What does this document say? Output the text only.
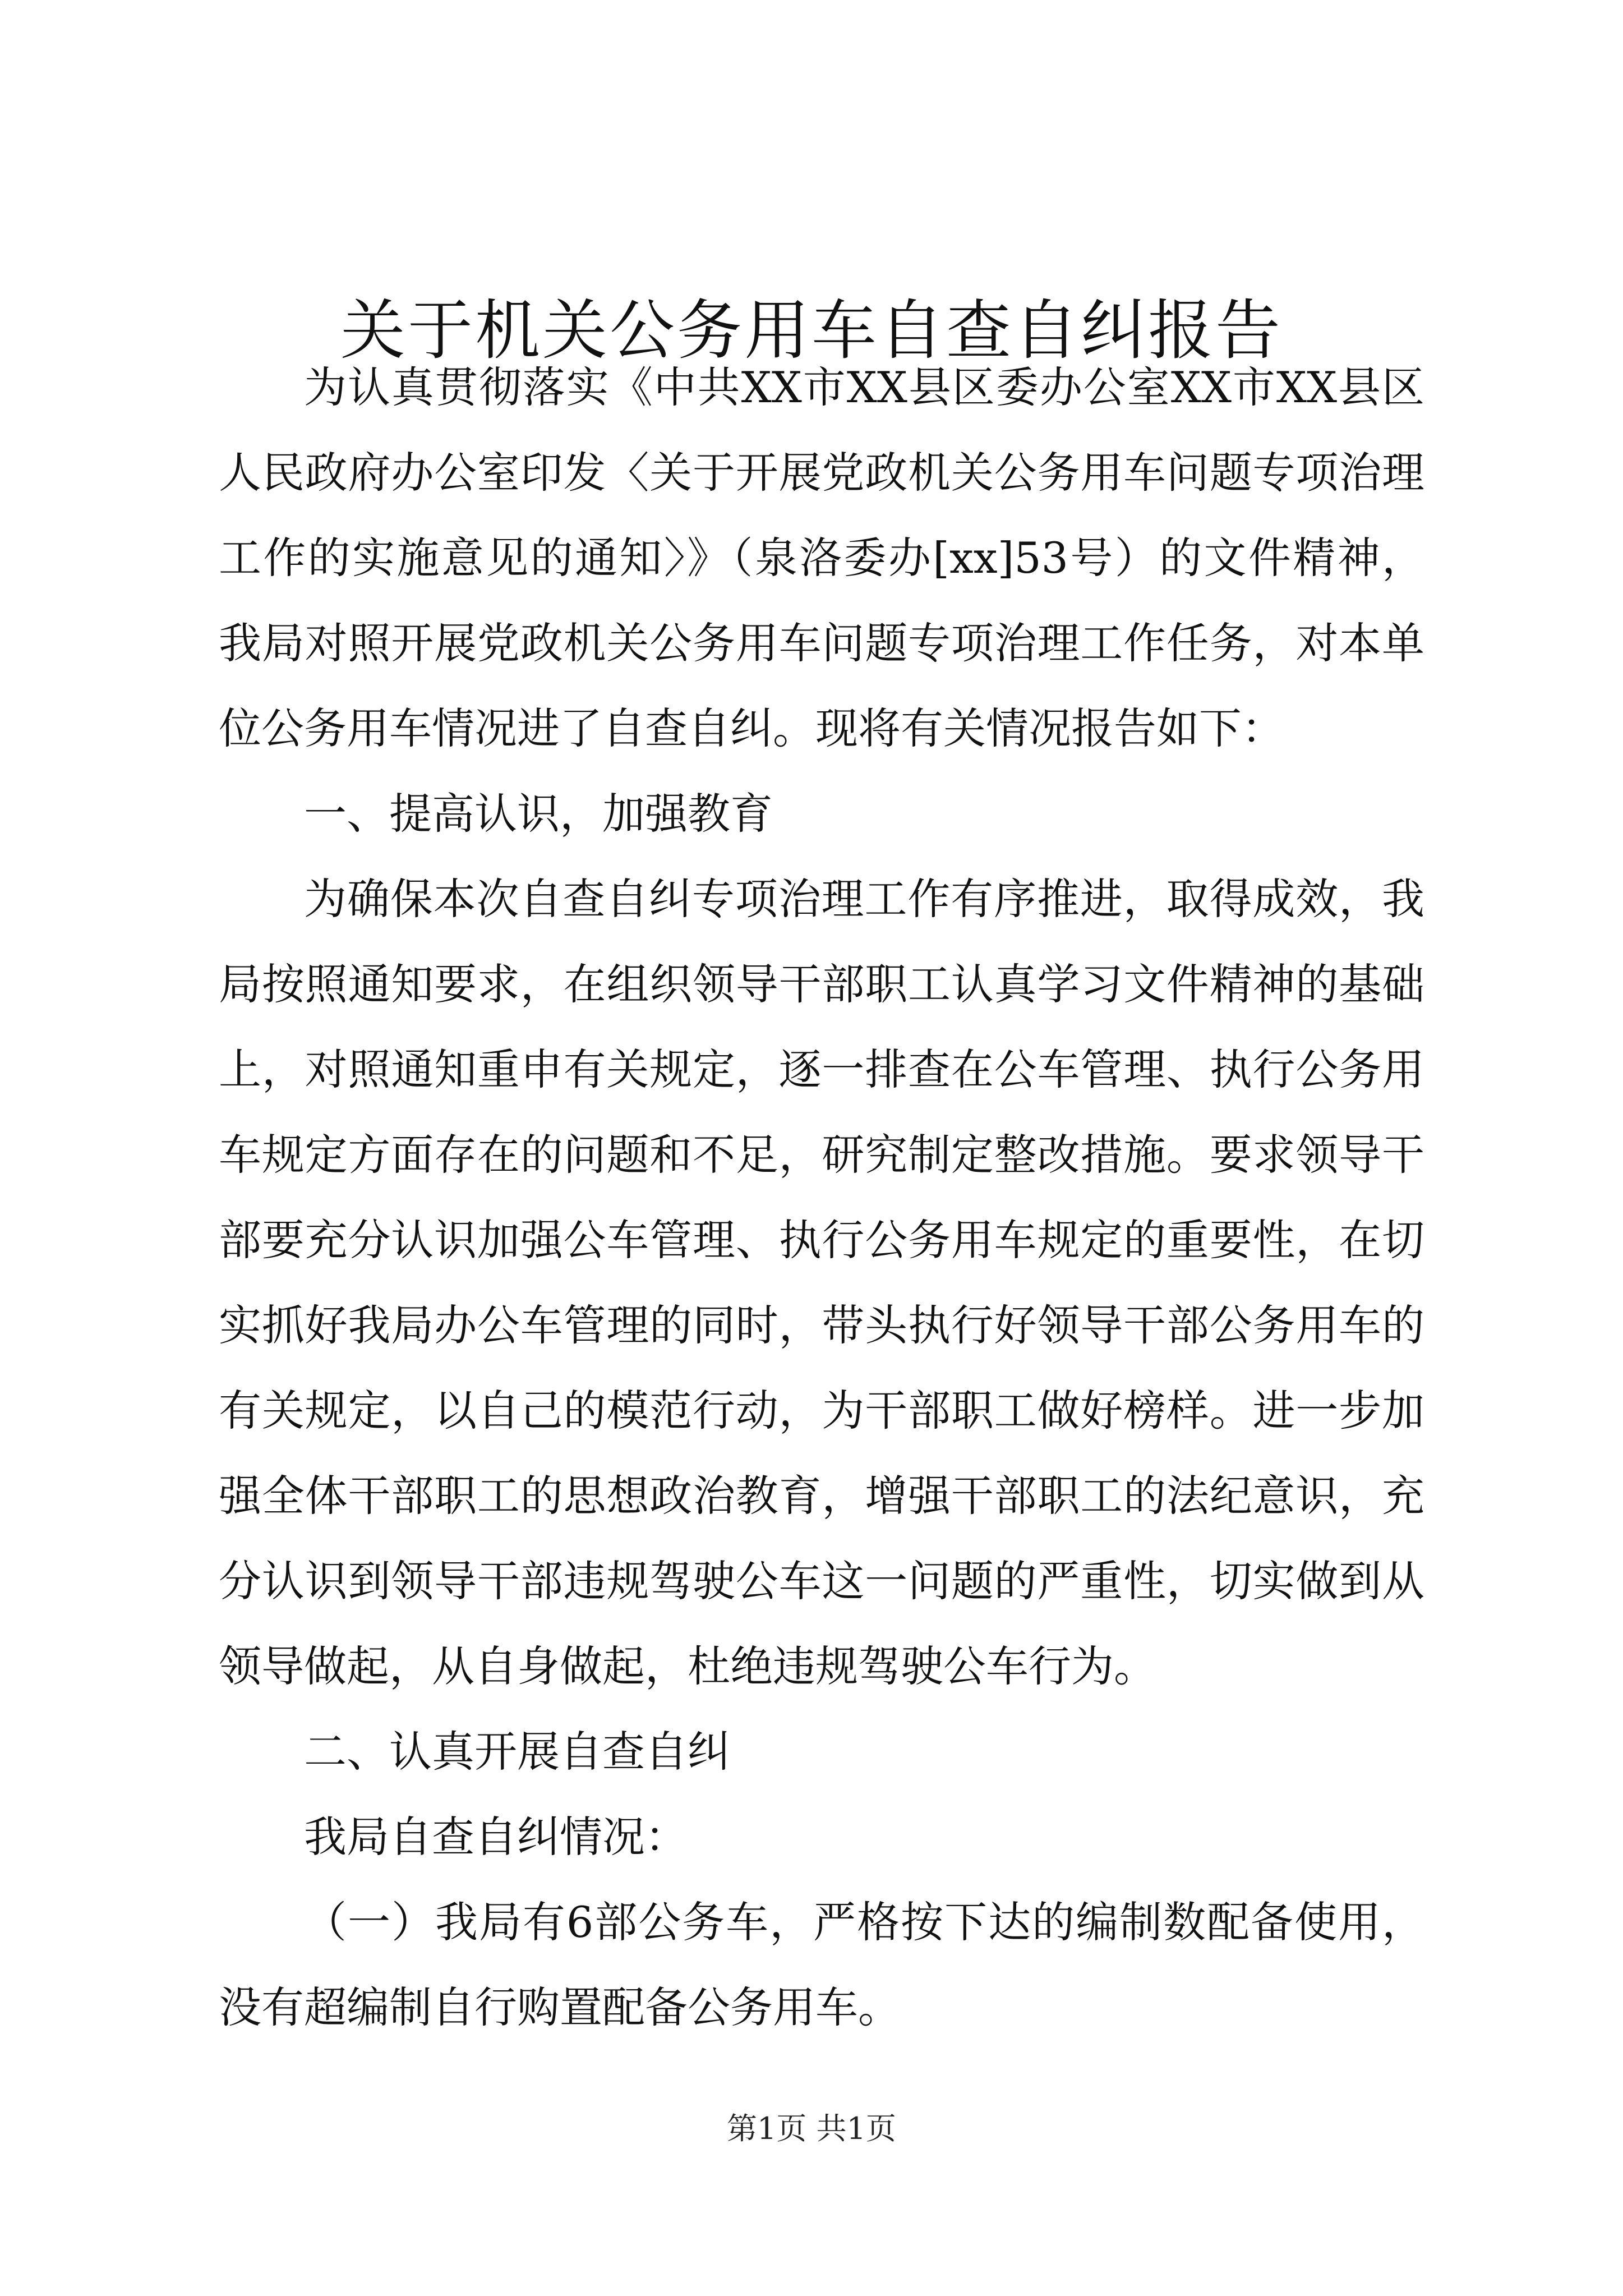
关于机关公务用车自查自纠报告
为认真贯彻落实《中共XX市XX县区委办公室XX市XX县区
人民政府办公室印发〈关于开展党政机关公务用车问题专项治理
工作的实施意见的通知〉》（泉洛委办[xx]53号）的文件精神，
我局对照开展党政机关公务用车问题专项治理工作任务，对本单
位公务用车情况进了自查自纠。现将有关情况报告如下：
一、提高认识，加强教育
为确保本次自查自纠专项治理工作有序推进，取得成效，我
局按照通知要求，在组织领导干部职工认真学习文件精神的基础
上，对照通知重申有关规定，逐一排查在公车管理、执行公务用
车规定方面存在的问题和不足，研究制定整改措施。要求领导干
部要充分认识加强公车管理、执行公务用车规定的重要性，在切
实抓好我局办公车管理的同时，带头执行好领导干部公务用车的
有关规定，以自己的模范行动，为干部职工做好榜样。进一步加
强全体干部职工的思想政治教育，增强干部职工的法纪意识，充
分认识到领导干部违规驾驶公车这一问题的严重性，切实做到从
领导做起，从自身做起，杜绝违规驾驶公车行为。
二、认真开展自查自纠
我局自查自纠情况：
（一）我局有6部公务车，严格按下达的编制数配备使用，
没有超编制自行购置配备公务用车。
第1页 共1页
